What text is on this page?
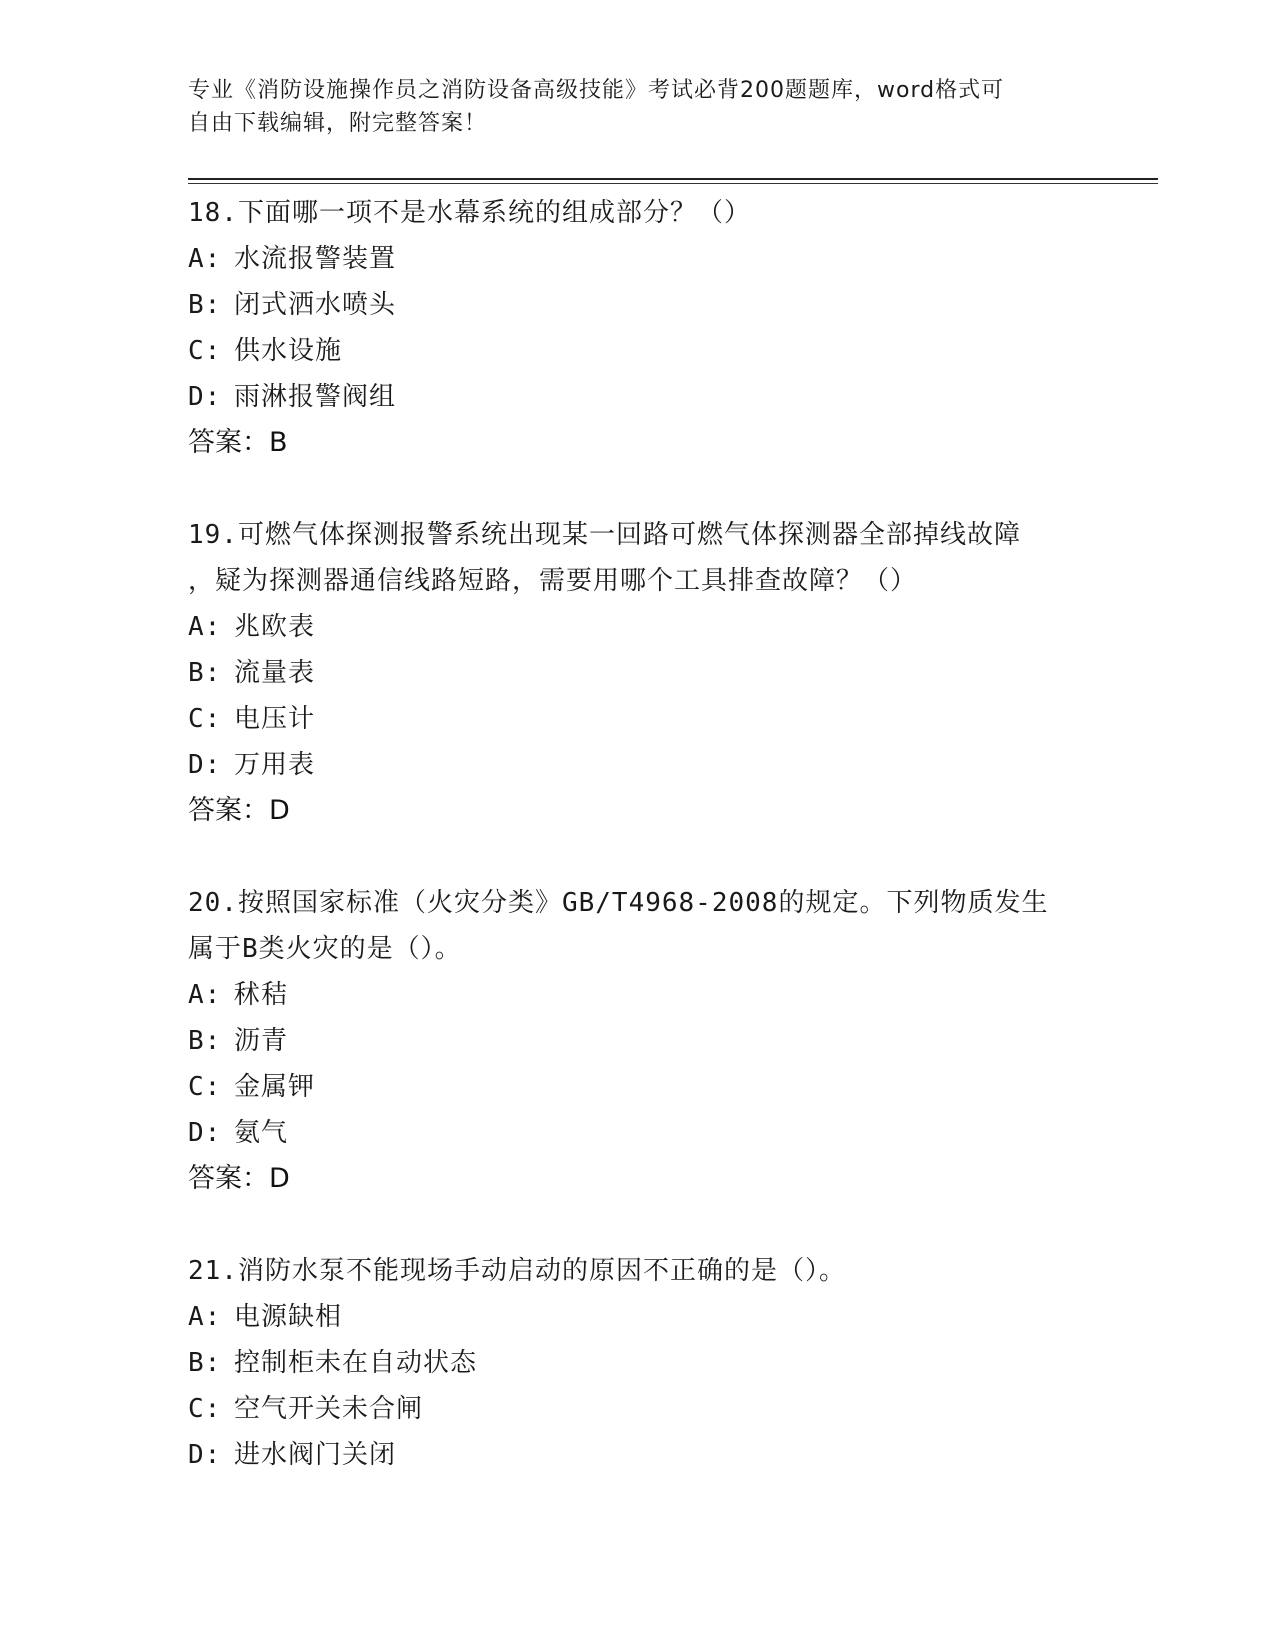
专业《消防设施操作员之消防设备高级技能》考试必背200题题库，word格式可
自由下载编辑，附完整答案！
18.下面哪一项不是水幕系统的组成部分？（）
A: 水流报警装置
B: 闭式洒水喷头
C: 供水设施
D: 雨淋报警阀组
答案：B
19.可燃气体探测报警系统出现某一回路可燃气体探测器全部掉线故障
，疑为探测器通信线路短路，需要用哪个工具排查故障？（）
A: 兆欧表
B: 流量表
C: 电压计
D: 万用表
答案：D
20.按照国家标准（火灾分类》GB/T4968-2008的规定。下列物质发生
属于B类火灾的是（）。
A: 秫秸
B: 沥青
C: 金属钾
D: 氨气
答案：D
21.消防水泵不能现场手动启动的原因不正确的是（）。
A: 电源缺相
B: 控制柜未在自动状态
C: 空气开关未合闸
D: 进水阀门关闭
